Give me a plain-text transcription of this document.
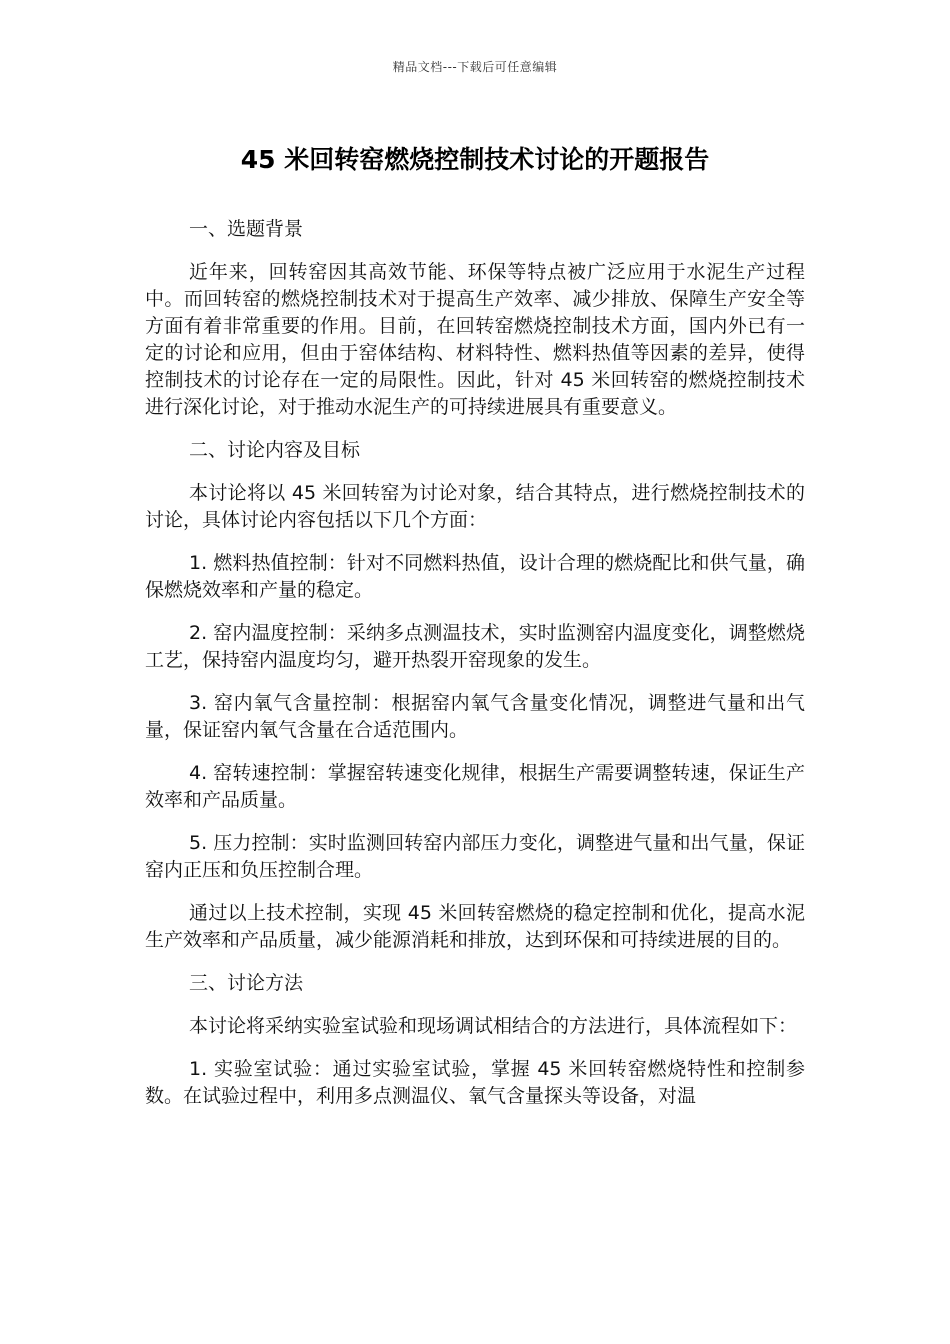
精品文档---下载后可任意编辑
45 米回转窑燃烧控制技术讨论的开题报告

一、选题背景

近年来，回转窑因其高效节能、环保等特点被广泛应用于水泥生产过程中。而回转窑的燃烧控制技术对于提高生产效率、减少排放、保障生产安全等方面有着非常重要的作用。目前，在回转窑燃烧控制技术方面，国内外已有一定的讨论和应用，但由于窑体结构、材料特性、燃料热值等因素的差异，使得控制技术的讨论存在一定的局限性。因此，针对 45 米回转窑的燃烧控制技术进行深化讨论，对于推动水泥生产的可持续进展具有重要意义。

二、讨论内容及目标

本讨论将以 45 米回转窑为讨论对象，结合其特点，进行燃烧控制技术的讨论，具体讨论内容包括以下几个方面：

1. 燃料热值控制：针对不同燃料热值，设计合理的燃烧配比和供气量，确保燃烧效率和产量的稳定。

2. 窑内温度控制：采纳多点测温技术，实时监测窑内温度变化，调整燃烧工艺，保持窑内温度均匀，避开热裂开窑现象的发生。

3. 窑内氧气含量控制：根据窑内氧气含量变化情况，调整进气量和出气量，保证窑内氧气含量在合适范围内。

4. 窑转速控制：掌握窑转速变化规律，根据生产需要调整转速，保证生产效率和产品质量。

5. 压力控制：实时监测回转窑内部压力变化，调整进气量和出气量，保证窑内正压和负压控制合理。

通过以上技术控制，实现 45 米回转窑燃烧的稳定控制和优化，提高水泥生产效率和产品质量，减少能源消耗和排放，达到环保和可持续进展的目的。

三、讨论方法

本讨论将采纳实验室试验和现场调试相结合的方法进行，具体流程如下：

1. 实验室试验：通过实验室试验，掌握 45 米回转窑燃烧特性和控制参数。在试验过程中，利用多点测温仪、氧气含量探头等设备，对温
